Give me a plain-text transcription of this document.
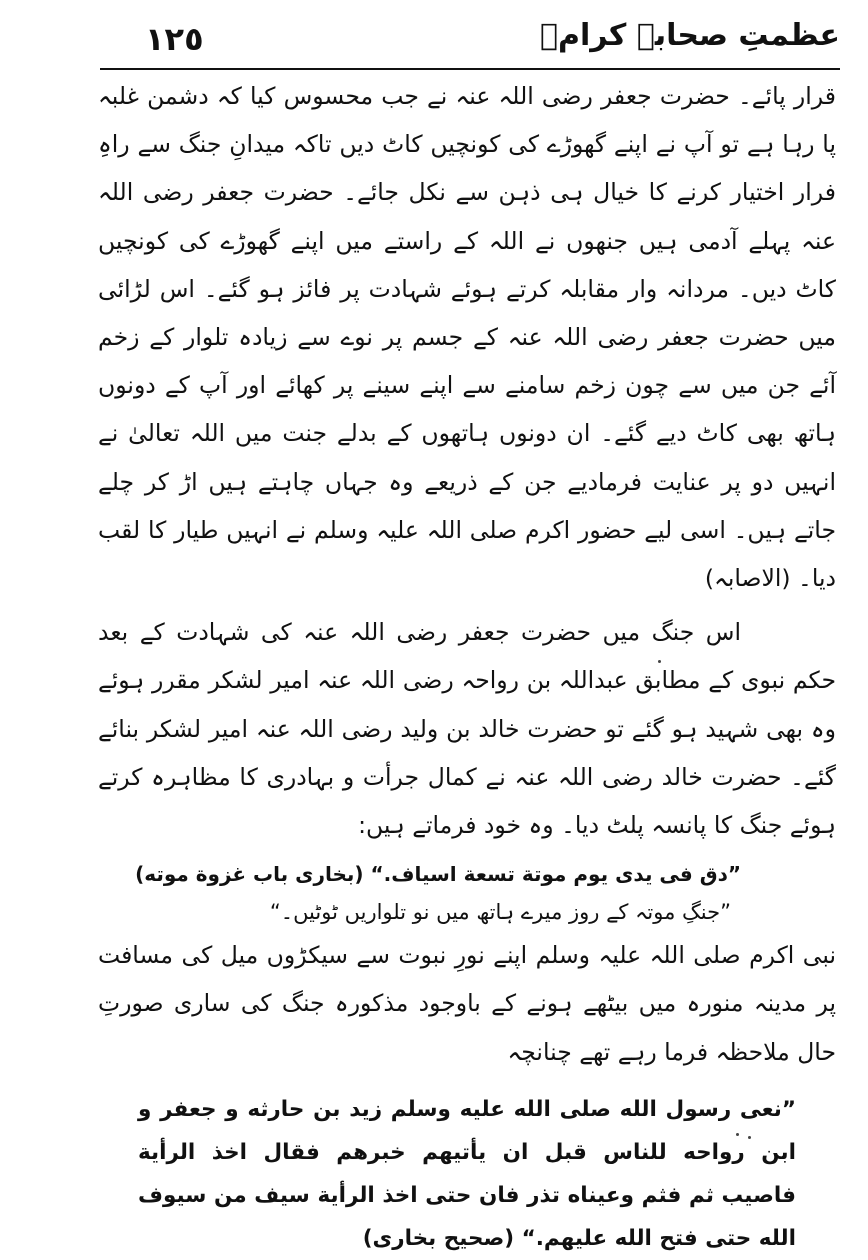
١٢٥	عظمتِ صحابہ کرامؓ

قرار پائے۔ حضرت جعفر رضی اللہ عنہ نے جب محسوس کیا کہ دشمن غلبہ پا رہا ہے تو آپ نے اپنے گھوڑے کی کونچیں کاٹ دیں تاکہ میدانِ جنگ سے راہِ فرار اختیار کرنے کا خیال ہی ذہن سے نکل جائے۔ حضرت جعفر رضی اللہ عنہ پہلے آدمی ہیں جنھوں نے اللہ کے راستے میں اپنے گھوڑے کی کونچیں کاٹ دیں۔ مردانہ وار مقابلہ کرتے ہوئے شہادت پر فائز ہو گئے۔ اس لڑائی میں حضرت جعفر رضی اللہ عنہ کے جسم پر نوے سے زیادہ تلوار کے زخم آئے جن میں سے چون زخم سامنے سے اپنے سینے پر کھائے اور آپ کے دونوں ہاتھ بھی کاٹ دیے گئے۔ ان دونوں ہاتھوں کے بدلے جنت میں اللہ تعالیٰ نے انہیں دو پر عنایت فرمادیے جن کے ذریعے وہ جہاں چاہتے ہیں اڑ کر چلے جاتے ہیں۔ اسی لیے حضور اکرم صلی اللہ علیہ وسلم نے انہیں طیار کا لقب دیا۔ (الاصابہ)

اس جنگ میں حضرت جعفر رضی اللہ عنہ کی شہادت کے بعد حکم نبوی کے مطابق عبداللہ بن رواحہ رضی اللہ عنہ امیر لشکر مقرر ہوئے وہ بھی شہید ہو گئے تو حضرت خالد بن ولید رضی اللہ عنہ امیر لشکر بنائے گئے۔ حضرت خالد رضی اللہ عنہ نے کمال جرأت و بہادری کا مظاہرہ کرتے ہوئے جنگ کا پانسہ پلٹ دیا۔ وہ خود فرماتے ہیں:

”دق فی یدی یوم موتة تسعة اسیاف.“ (بخاری باب غزوة موته)

”جنگِ موتہ کے روز میرے ہاتھ میں نو تلواریں ٹوٹیں۔“

نبی اکرم صلی اللہ علیہ وسلم اپنے نورِ نبوت سے سیکڑوں میل کی مسافت پر مدینہ منورہ میں بیٹھے ہونے کے باوجود مذکورہ جنگ کی ساری صورتِ حال ملاحظہ فرما رہے تھے چنانچہ

”نعی رسول الله صلی الله علیه وسلم زید بن حارثه و جعفر و ابن رواحه للناس قبل ان یأتیهم خبرهم فقال اخذ الرأیة فاصیب ثم فثم وعیناه تذر فان حتی اخذ الرأیة سیف من سیوف الله حتی فتح الله علیهم.“ (صحیح بخاری)
